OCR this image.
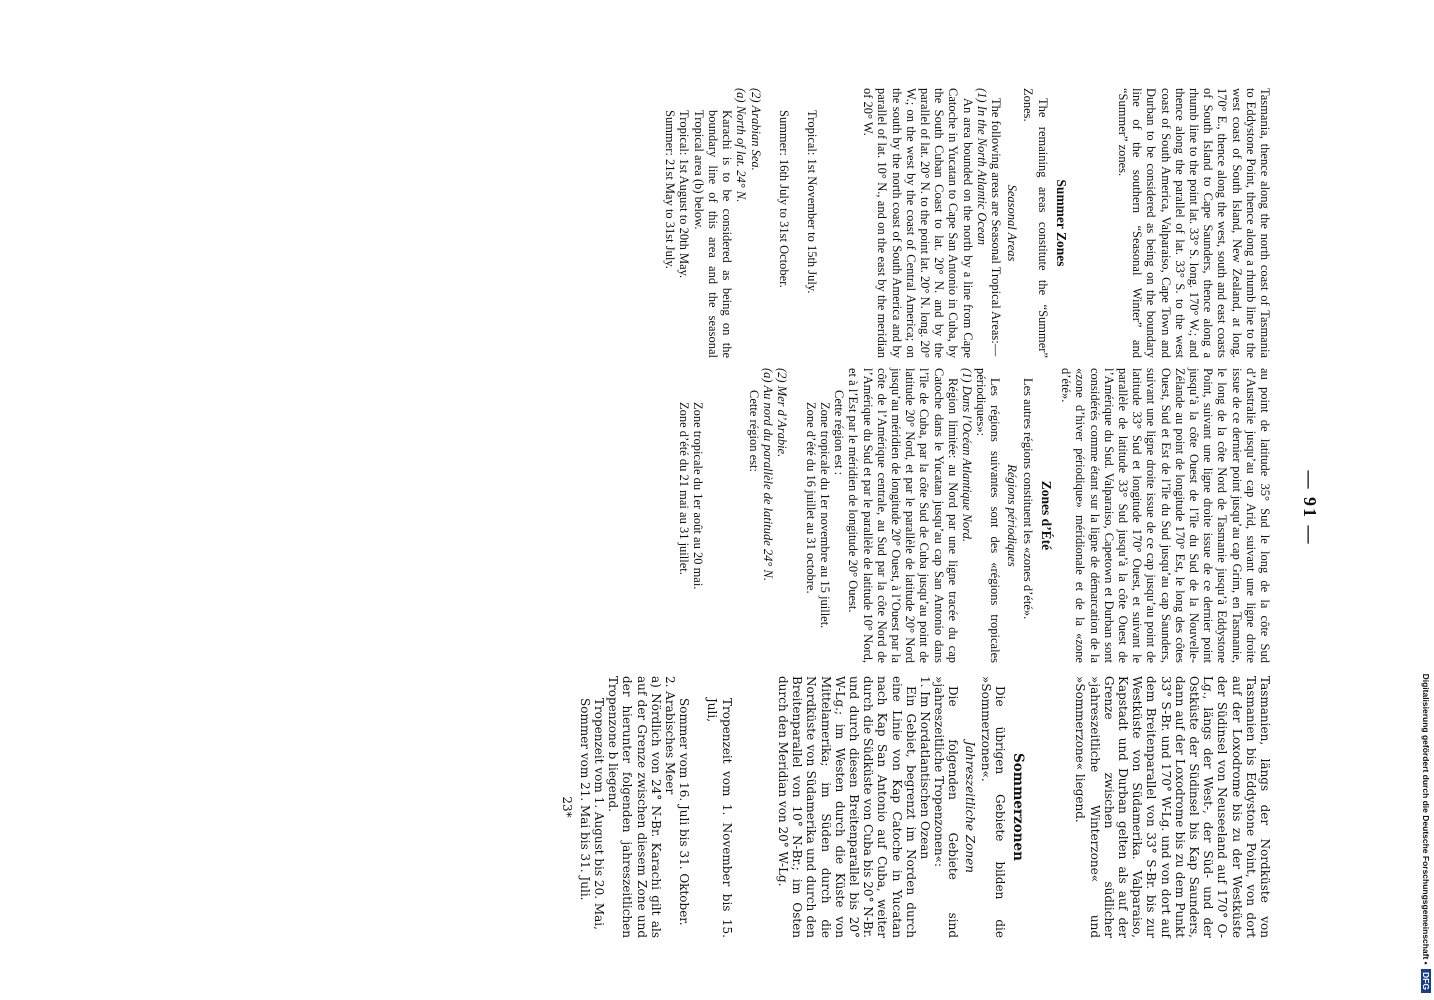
— 91 —

Tasmania, thence along the north coast of Tasmania to Eddystone Point, thence along a rhumb line to the west coast of South Island, New Zealand, at long. 170° E., thence along the west, south and east coasts of South Island to Cape Saunders, thence along a rhumb line to the point lat. 33° S. long. 170° W.; and thence along the parallel of lat. 33° S. to the west coast of South America, Valparaiso, Cape Town and Durban to be considered as being on the boundary line of the southern “Seasonal Winter” and “Summer” zones.

Summer Zones

The remaining areas constitute the “Summer” Zones.

Seasonal Areas

The following areas are Seasonal Tropical Areas:—

(1) In the North Atlantic Ocean

An area bounded on the north by a line from Cape Catoche in Yucatan to Cape San Antonio in Cuba, by the South Cuban Coast to lat. 20° N. and by the parallel of lat. 20° N. to the point lat. 20° N. long. 20° W.; on the west by the coast of Central America; on the south by the north coast of South America and by parallel of lat. 10° N., and on the east by the meridian of 20° W.

Tropical: 1st November to 15th July.

Summer: 16th July to 31st October.

(2) Arabian Sea.

(a) North of lat. 24° N.

Karachi is to be considered as being on the boundary line of this area and the seasonal Tropical area (b) below.

Tropical: 1st August to 20th May.

Summer: 21st May to 31st July.

au point de latitude 35° Sud le long de la côte Sud d’Australie jusqu’au cap Arid, suivant une ligne droite issue de ce dernier point jusqu’au cap Grim, en Tasmanie, le long de la côte Nord de Tasmanie jusqu’à Eddystone Point, suivant une ligne droite issue de ce dernier point jusqu’à la côte Ouest de l’île du Sud de la Nouvelle-Zélande au point de longitude 170° Est, le long des côtes Ouest, Sud et Est de l’île du Sud jusqu’au cap Saunders, suivant une ligne droite issue de ce cap jusqu’au point de latitude 33° Sud et longitude 170° Ouest, et suivant le parallèle de latitude 33° Sud jusqu’à la côte Ouest de l’Amérique du Sud. Valparaiso, Capetown et Durban sont considérés comme étant sur la ligne de démarcation de la «zone d’hiver périodique» méridionale et de la «zone d’été».

Zones d’Été

Les autres régions constituent les «zones d’été».

Régions périodiques

Les régions suivantes sont des «régions tropicales périodiques»:

(1) Dans l’Océan Atlantique Nord.

Région limitée: au Nord par une ligne tracée du cap Catoche dans le Yucatan jusqu’au cap San Antonio dans l’île de Cuba, par la côte Sud de Cuba jusqu’au point de latitude 20° Nord, et par le parallèle de latitude 20° Nord jusqu’au méridien de longitude 20° Ouest, à l’Ouest par la côte de l’Amérique centrale, au Sud par la côte Nord de l’Amérique du Sud et par le parallèle de latitude 10° Nord, et à l’Est par le méridien de longitude 20° Ouest.

Cette région est :

Zone tropicale du 1er novembre au 15 juillet.

Zone d’été du 16 juillet au 31 octobre.

(2) Mer d’Arabie.

(a) Au nord du parallèle de latitude 24° N.

Cette région est:

Zone tropicale du 1er août au 20 mai.

Zone d’été du 21 mai au 31 juillet.

Tasmanien, längs der Nordküste von Tasmanien bis Eddystone Point, von dort auf der Loxodrome bis zu der Westküste der Südinsel von Neuseeland auf 170° O-Lg., längs der West-, der Süd- und der Ostküste der Südinsel bis Kap Saunders, dann auf der Loxodrome bis zu dem Punkt 33° S-Br. und 170° W-Lg. und von dort auf dem Breitenparallel von 33° S-Br. bis zur Westküste von Südamerika. Valparaiso, Kapstadt und Durban gelten als auf der Grenze zwischen südlicher »jahreszeitliche Winterzone« und »Sommerzone« liegend.

Sommerzonen

Die übrigen Gebiete bilden die »Sommerzonen«.

Jahreszeitliche Zonen

Die folgenden Gebiete sind »jahreszeitliche Tropenzonen«:

1. Im Nordatlantischen Ozean

Ein Gebiet, begrenzt im Norden durch eine Linie von Kap Catoche in Yucatan nach Kap San Antonio auf Cuba, weiter durch die Südküste von Cuba bis 20° N-Br. und durch diesen Breitenparallel bis 20° W-Lg.; im Westen durch die Küste von Mittelamerika; im Süden durch die Nordküste von Südamerika und durch den Breitenparallel von 10° N-Br.; im Osten durch den Meridian von 20° W-Lg.

Tropenzeit vom 1. November bis 15. Juli,

Sommer vom 16. Juli bis 31. Oktober.

2. Arabisches Meer

a) Nördlich von 24° N-Br. Karachi gilt als auf der Grenze zwischen diesem Zone und der hierunter folgenden jahreszeitlichen Tropenzone b liegend.

Tropenzeit vom 1. August bis 20. Mai,

Sommer vom 21. Mai bis 31. Juli.

23*	Digitalisierung gefördert durch die Deutsche Forschungsgemeinschaft • DFG
